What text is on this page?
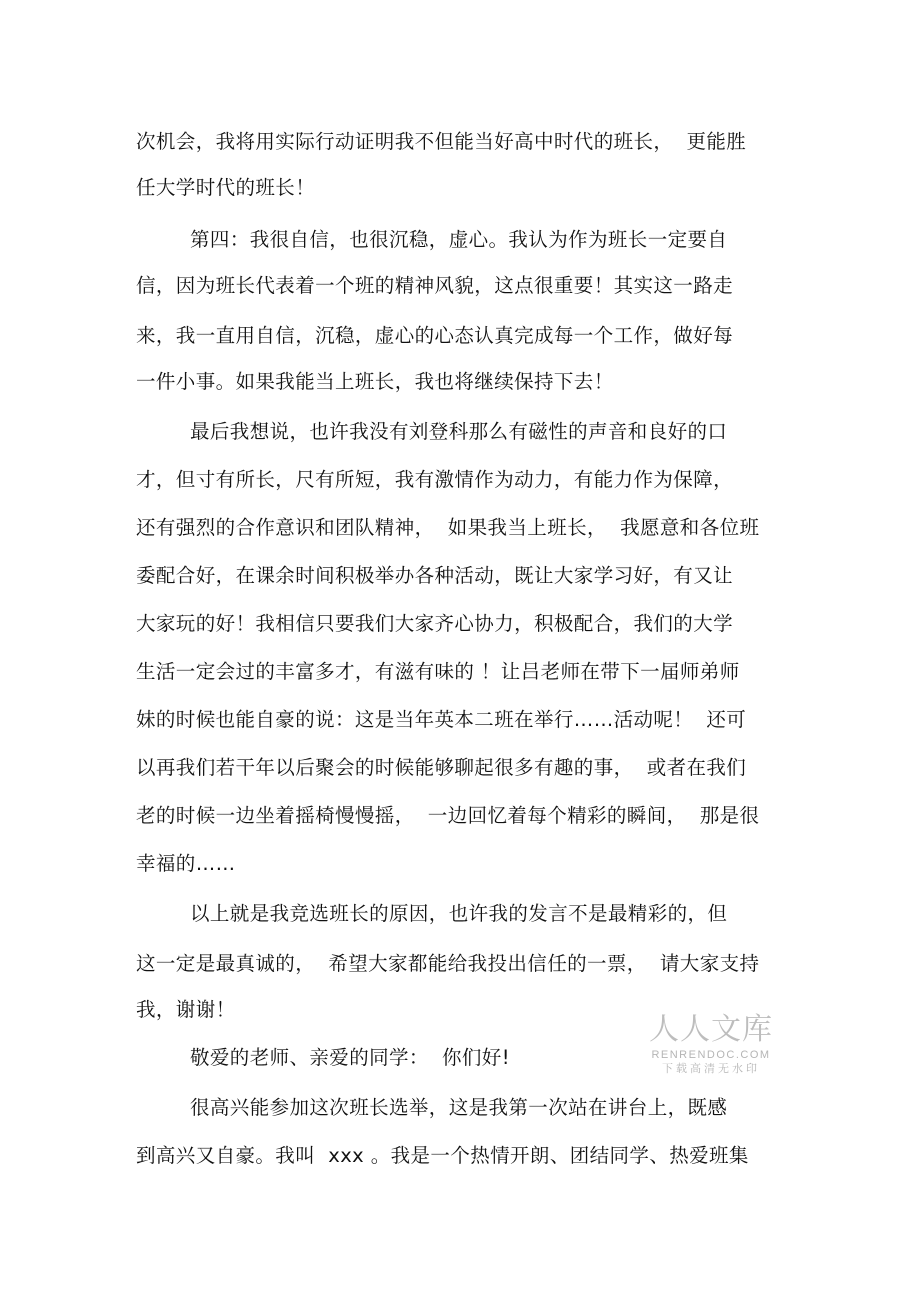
次机会，我将用实际行动证明我不但能当好高中时代的班长，  更能胜
任大学时代的班长！
第四：我很自信，也很沉稳，虚心。我认为作为班长一定要自
信，因为班长代表着一个班的精神风貌，这点很重要！其实这一路走
来，我一直用自信，沉稳，虚心的心态认真完成每一个工作，做好每
一件小事。如果我能当上班长，我也将继续保持下去！
最后我想说，也许我没有刘登科那么有磁性的声音和良好的口
才，但寸有所长，尺有所短，我有激情作为动力，有能力作为保障，
还有强烈的合作意识和团队精神，  如果我当上班长，  我愿意和各位班
委配合好，在课余时间积极举办各种活动，既让大家学习好，有又让
大家玩的好！我相信只要我们大家齐心协力，积极配合，我们的大学
生活一定会过的丰富多才，有滋有味的 ！让吕老师在带下一届师弟师
妹的时候也能自豪的说：这是当年英本二班在举行……活动呢！  还可
以再我们若干年以后聚会的时候能够聊起很多有趣的事，  或者在我们
老的时候一边坐着摇椅慢慢摇，  一边回忆着每个精彩的瞬间，  那是很
幸福的……
以上就是我竞选班长的原因，也许我的发言不是最精彩的，但
这一定是最真诚的，  希望大家都能给我投出信任的一票，  请大家支持
我，谢谢！
敬爱的老师、亲爱的同学：  你们好!
很高兴能参加这次班长选举，这是我第一次站在讲台上，既感
到高兴又自豪。我叫  xxx 。我是一个热情开朗、团结同学、热爱班集
人人文库
RENRENDOC.COM
下载高清无水印
